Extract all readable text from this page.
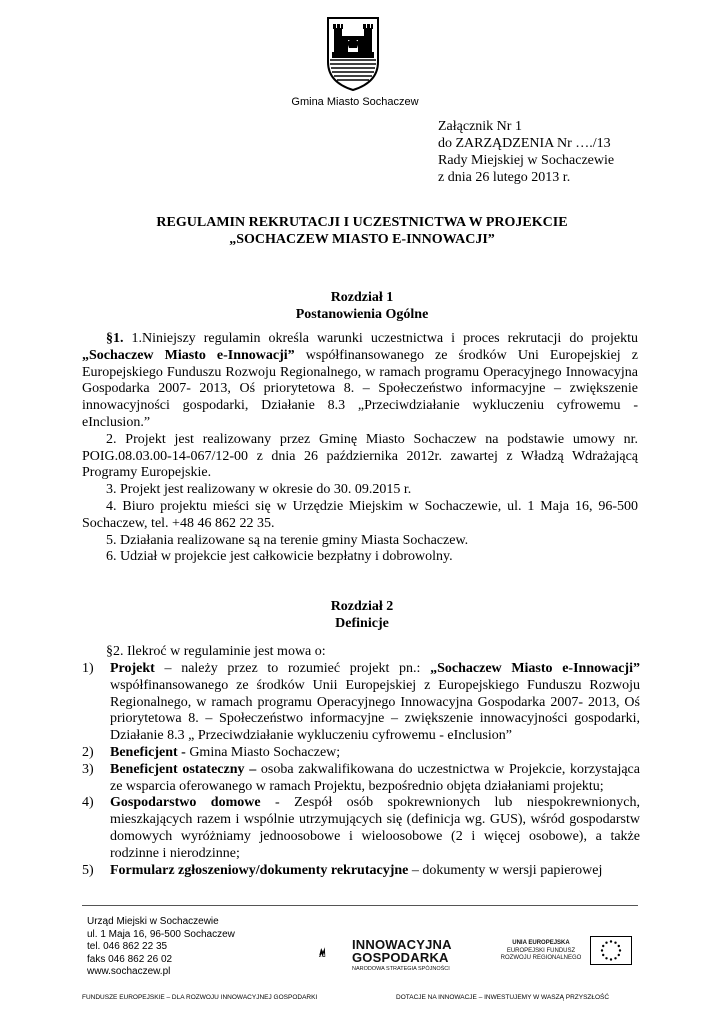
Gmina Miasto Sochaczew
Załącznik Nr 1
do ZARZĄDZENIA Nr …./13
Rady Miejskiej w Sochaczewie
z dnia 26 lutego 2013 r.
REGULAMIN REKRUTACJI I UCZESTNICTWA W PROJEKCIE
„SOCHACZEW MIASTO E-INNOWACJI”
Rozdział 1
Postanowienia Ogólne

§1. 1.Niniejszy regulamin określa warunki uczestnictwa i proces rekrutacji do projektu „Sochaczew Miasto e-Innowacji” współfinansowanego ze środków Uni Europejskiej z Europejskiego Funduszu Rozwoju Regionalnego, w ramach programu Operacyjnego Innowacyjna Gospodarka 2007- 2013, Oś priorytetowa 8. – Społeczeństwo informacyjne – zwiększenie innowacyjności gospodarki, Działanie 8.3 „Przeciwdziałanie wykluczeniu cyfrowemu - eInclusion.”

2. Projekt jest realizowany przez Gminę Miasto Sochaczew na podstawie umowy nr. POIG.08.03.00-14-067/12-00 z dnia 26 października 2012r. zawartej z Władzą Wdrażającą Programy Europejskie.

3. Projekt jest realizowany w okresie do 30. 09.2015 r.

4. Biuro projektu mieści się w Urzędzie Miejskim w Sochaczewie, ul. 1 Maja 16, 96-500 Sochaczew, tel. +48 46 862 22 35.

5. Działania realizowane są na terenie gminy Miasta Sochaczew.

6. Udział w projekcie jest całkowicie bezpłatny i dobrowolny.

Rozdział 2
Definicje
§2. Ilekroć w regulaminie jest mowa o:

1) Projekt – należy przez to rozumieć projekt pn.: „Sochaczew Miasto e-Innowacji” współfinansowanego ze środków Unii Europejskiej z Europejskiego Funduszu Rozwoju Regionalnego, w ramach programu Operacyjnego Innowacyjna Gospodarka 2007- 2013, Oś priorytetowa 8. – Społeczeństwo informacyjne – zwiększenie innowacyjności gospodarki, Działanie 8.3 „ Przeciwdziałanie wykluczeniu cyfrowemu - eInclusion”

2) Beneficjent - Gmina Miasto Sochaczew;

3) Beneficjent ostateczny – osoba zakwalifikowana do uczestnictwa w Projekcie, korzystająca ze wsparcia oferowanego w ramach Projektu, bezpośrednio objęta działaniami projektu;

4) Gospodarstwo domowe - Zespół osób spokrewnionych lub niespokrewnionych, mieszkających razem i wspólnie utrzymujących się (definicja wg. GUS), wśród gospodarstw domowych wyróżniamy jednoosobowe i wieloosobowe (2 i więcej osobowe), a także rodzinne i nierodzinne;

5) Formularz zgłoszeniowy/dokumenty rekrutacyjne – dokumenty w wersji papierowej

Urząd Miejski w Sochaczewie
ul. 1 Maja 16, 96-500 Sochaczew
tel. 046 862 22 35
faks 046 862 26 02
www.sochaczew.pl
INNOWACYJNA
GOSPODARKA
NARODOWA STRATEGIA SPÓJNOŚCI
UNIA EUROPEJSKA
EUROPEJSKI FUNDUSZ
ROZWOJU REGIONALNEGO
FUNDUSZE EUROPEJSKIE – DLA ROZWOJU INNOWACYJNEJ GOSPODARKI	DOTACJE NA INNOWACJE – INWESTUJEMY W WASZĄ PRZYSZŁOŚĆ
